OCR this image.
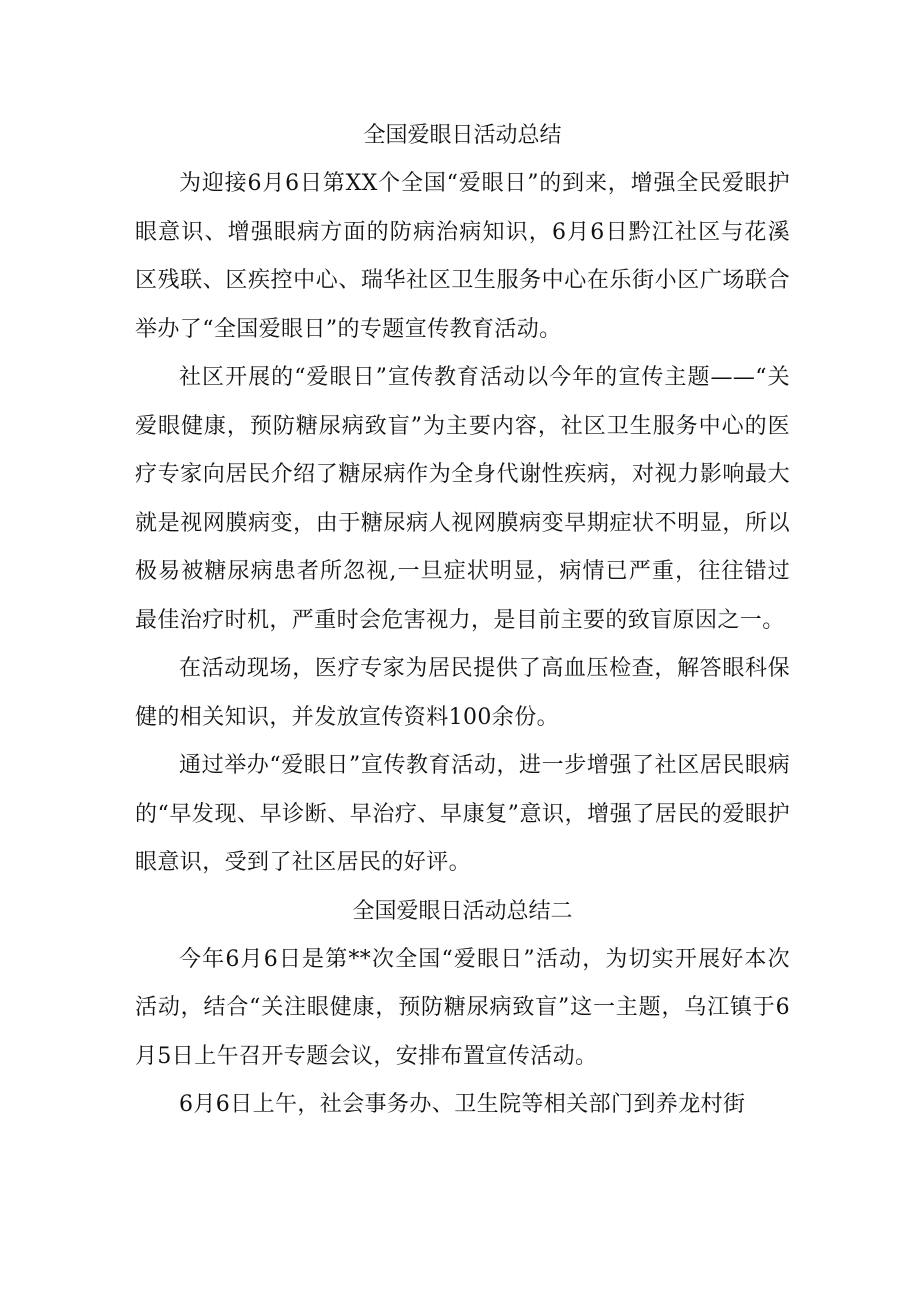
全国爱眼日活动总结

为迎接6月6日第XX个全国“爱眼日”的到来，增强全民爱眼护眼意识、增强眼病方面的防病治病知识，6月6日黔江社区与花溪区残联、区疾控中心、瑞华社区卫生服务中心在乐街小区广场联合举办了“全国爱眼日”的专题宣传教育活动。

社区开展的“爱眼日”宣传教育活动以今年的宣传主题——“关爱眼健康，预防糖尿病致盲”为主要内容，社区卫生服务中心的医疗专家向居民介绍了糖尿病作为全身代谢性疾病，对视力影响最大就是视网膜病变，由于糖尿病人视网膜病变早期症状不明显，所以极易被糖尿病患者所忽视,一旦症状明显，病情已严重，往往错过最佳治疗时机，严重时会危害视力，是目前主要的致盲原因之一。

在活动现场，医疗专家为居民提供了高血压检查，解答眼科保健的相关知识，并发放宣传资料100余份。

通过举办“爱眼日”宣传教育活动，进一步增强了社区居民眼病的“早发现、早诊断、早治疗、早康复”意识，增强了居民的爱眼护眼意识，受到了社区居民的好评。

全国爱眼日活动总结二

今年6月6日是第**次全国“爱眼日”活动，为切实开展好本次活动，结合“关注眼健康，预防糖尿病致盲”这一主题，乌江镇于6月5日上午召开专题会议，安排布置宣传活动。

6月6日上午，社会事务办、卫生院等相关部门到养龙村街
